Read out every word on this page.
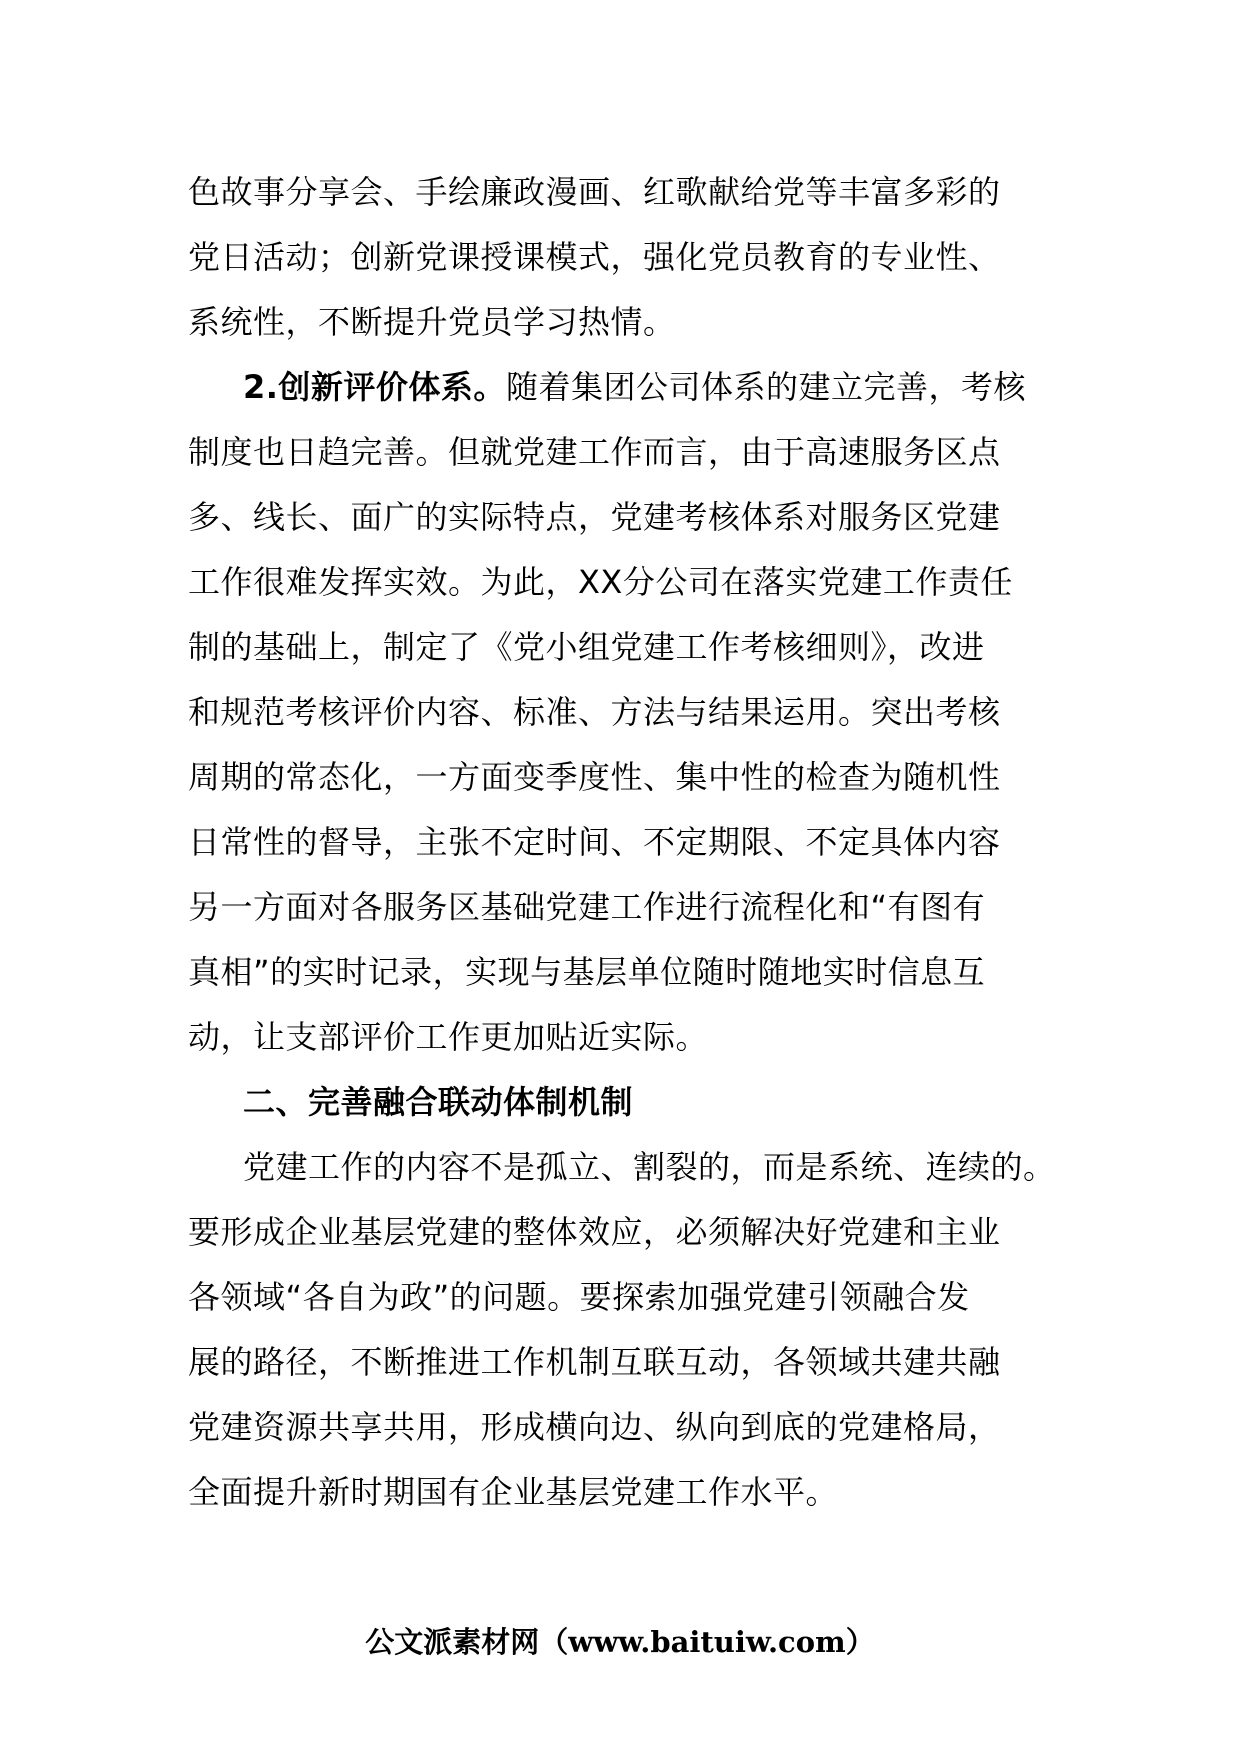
色故事分享会、手绘廉政漫画、红歌献给党等丰富多彩的
党日活动；创新党课授课模式，强化党员教育的专业性、
系统性，不断提升党员学习热情。
2.创新评价体系。随着集团公司体系的建立完善，考核
制度也日趋完善。但就党建工作而言，由于高速服务区点
多、线长、面广的实际特点，党建考核体系对服务区党建
工作很难发挥实效。为此，XX分公司在落实党建工作责任
制的基础上，制定了《党小组党建工作考核细则》，改进
和规范考核评价内容、标准、方法与结果运用。突出考核
周期的常态化，一方面变季度性、集中性的检查为随机性
日常性的督导，主张不定时间、不定期限、不定具体内容
另一方面对各服务区基础党建工作进行流程化和“有图有
真相”的实时记录，实现与基层单位随时随地实时信息互
动，让支部评价工作更加贴近实际。
二、完善融合联动体制机制
党建工作的内容不是孤立、割裂的，而是系统、连续的。
要形成企业基层党建的整体效应，必须解决好党建和主业
各领域“各自为政”的问题。要探索加强党建引领融合发
展的路径，不断推进工作机制互联互动，各领域共建共融
党建资源共享共用，形成横向边、纵向到底的党建格局，
全面提升新时期国有企业基层党建工作水平。
公文派素材网（www.baituiw.com）
